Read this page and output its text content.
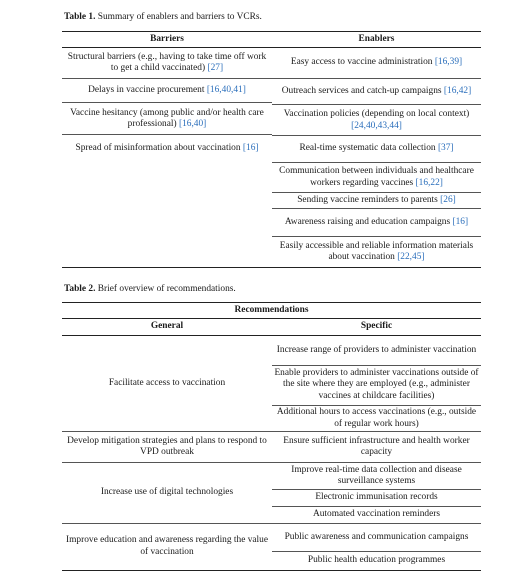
Table 1. Summary of enablers and barriers to VCRs.
Barriers	Enablers
Structural barriers (e.g., having to take time off work to get a child vaccinated) [27]
Delays in vaccine procurement [16,40,41]
Vaccine hesitancy (among public and/or health care professional) [16,40]
Spread of misinformation about vaccination [16]
Easy access to vaccine administration [16,39]
Outreach services and catch-up campaigns [16,42]
Vaccination policies (depending on local context) [24,40,43,44]
Real-time systematic data collection [37]
Communication between individuals and healthcare workers regarding vaccines [16,22]
Sending vaccine reminders to parents [26]
Awareness raising and education campaigns [16]
Easily accessible and reliable information materials about vaccination [22,45]
Table 2. Brief overview of recommendations.
Recommendations
General	Specific
Facilitate access to vaccination
Develop mitigation strategies and plans to respond to VPD outbreak
Increase use of digital technologies
Improve education and awareness regarding the value of vaccination
Increase range of providers to administer vaccination
Enable providers to administer vaccinations outside of the site where they are employed (e.g., administer vaccines at childcare facilities)
Additional hours to access vaccinations (e.g., outside of regular work hours)
Ensure sufficient infrastructure and health worker capacity
Improve real-time data collection and disease surveillance systems
Electronic immunisation records
Automated vaccination reminders
Public awareness and communication campaigns
Public health education programmes
